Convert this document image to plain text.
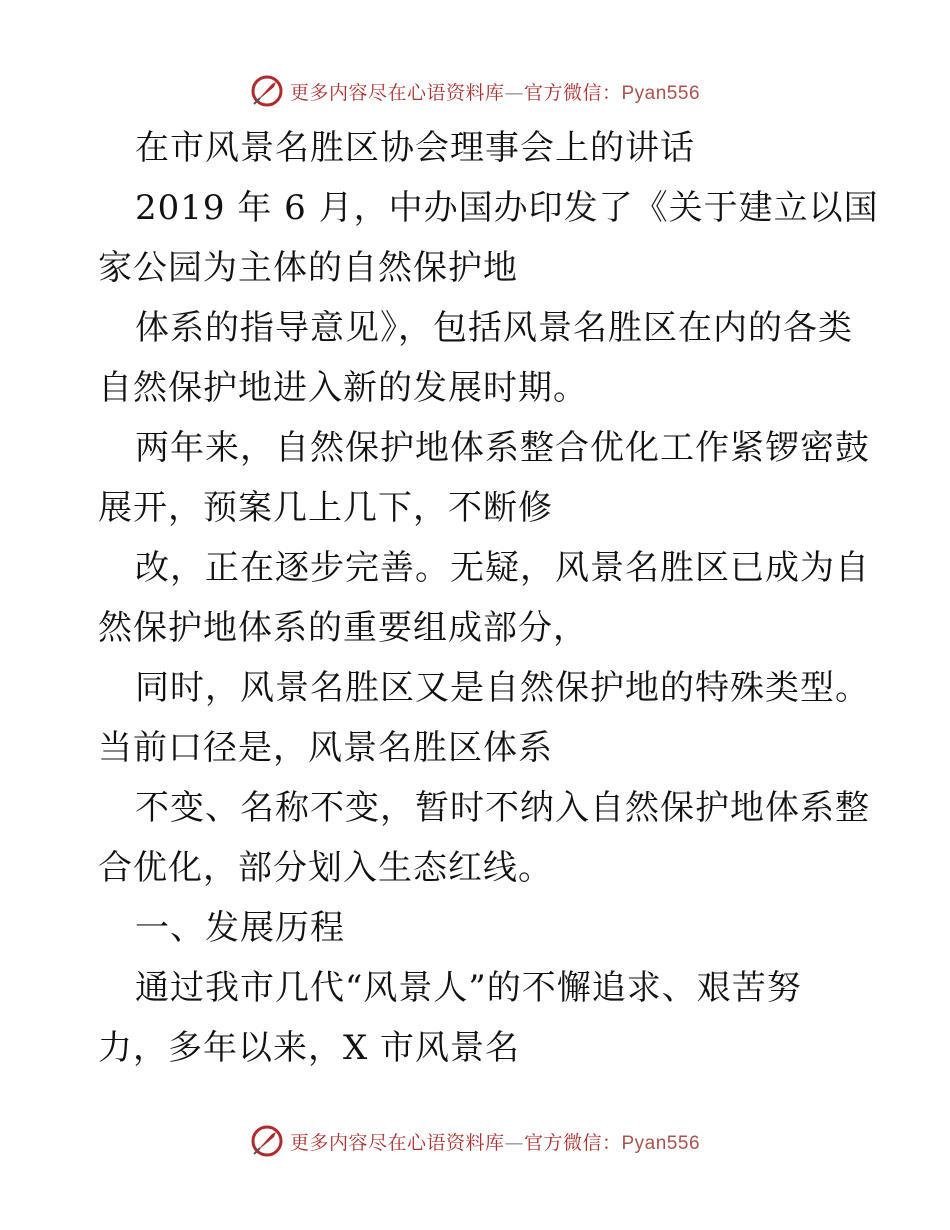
更多内容尽在心语资料库—官方微信：Pyan556
在市风景名胜区协会理事会上的讲话
2019 年 6 月，中办国办印发了《关于建立以国
家公园为主体的自然保护地
体系的指导意见》，包括风景名胜区在内的各类
自然保护地进入新的发展时期。
两年来，自然保护地体系整合优化工作紧锣密鼓
展开，预案几上几下，不断修
改，正在逐步完善。无疑，风景名胜区已成为自
然保护地体系的重要组成部分，
同时，风景名胜区又是自然保护地的特殊类型。
当前口径是，风景名胜区体系
不变、名称不变，暂时不纳入自然保护地体系整
合优化，部分划入生态红线。
一、发展历程
通过我市几代“风景人”的不懈追求、艰苦努
力，多年以来，X 市风景名
更多内容尽在心语资料库—官方微信：Pyan556
